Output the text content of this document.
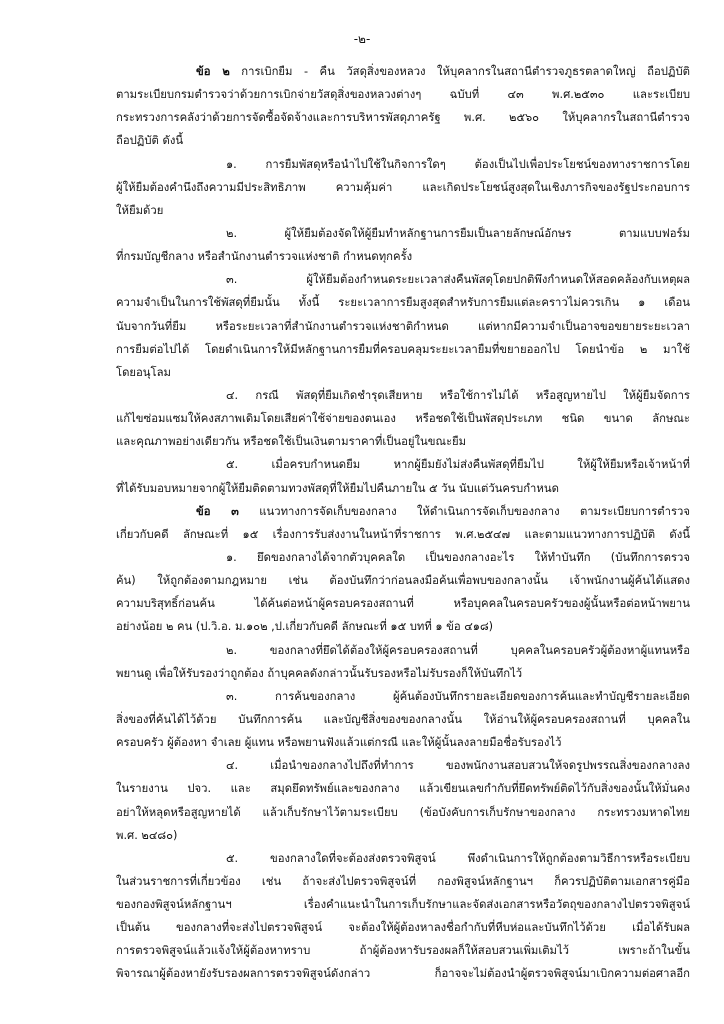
-๒-
ข้อ ๒ การเบิกยืม - คืน วัสดุสิ่งของหลวง ให้บุคลากรในสถานีตำรวจภูธรตลาดใหญ่ ถือปฏิบัติ
ตามระเบียบกรมตำรวจว่าด้วยการเบิกจ่ายวัสดุสิ่งของหลวงต่างๆ ฉบับที่ ๔๓ พ.ศ.๒๕๓๐ และระเบียบ
กระทรวงการคลังว่าด้วยการจัดซื้อจัดจ้างและการบริหารพัสดุภาครัฐ พ.ศ. ๒๕๖๐ ให้บุคลากรในสถานีตำรวจ
ถือปฏิบัติ ดังนี้
๑. การยืมพัสดุหรือนำไปใช้ในกิจการใดๆ ต้องเป็นไปเพื่อประโยชน์ของทางราชการโดย
ผู้ให้ยืมต้องคำนึงถึงความมีประสิทธิภาพ ความคุ้มค่า และเกิดประโยชน์สูงสุดในเชิงภารกิจของรัฐประกอบการ
ให้ยืมด้วย
๒. ผู้ให้ยืมต้องจัดให้ผู้ยืมทำหลักฐานการยืมเป็นลายลักษณ์อักษร ตามแบบฟอร์ม
ที่กรมบัญชีกลาง หรือสำนักงานตำรวจแห่งชาติ กำหนดทุกครั้ง
๓. ผู้ให้ยืมต้องกำหนดระยะเวลาส่งคืนพัสดุโดยปกติพึงกำหนดให้สอดคล้องกับเหตุผล
ความจำเป็นในการใช้พัสดุที่ยืมนั้น ทั้งนี้ ระยะเวลาการยืมสูงสุดสำหรับการยืมแต่ละคราวไม่ควรเกิน ๑ เดือน
นับจากวันที่ยืม หรือระยะเวลาที่สำนักงานตำรวจแห่งชาติกำหนด แต่หากมีความจำเป็นอาจขอขยายระยะเวลา
การยืมต่อไปได้ โดยดำเนินการให้มีหลักฐานการยืมที่ครอบคลุมระยะเวลายืมที่ขยายออกไป โดยนำข้อ ๒ มาใช้
โดยอนุโลม
๔. กรณี พัสดุที่ยืมเกิดชำรุดเสียหาย หรือใช้การไม่ได้ หรือสูญหายไป ให้ผู้ยืมจัดการ
แก้ไขซ่อมแซมให้คงสภาพเดิมโดยเสียค่าใช้จ่ายของตนเอง หรือชดใช้เป็นพัสดุประเภท ชนิด ขนาด ลักษณะ
และคุณภาพอย่างเดียวกัน หรือชดใช้เป็นเงินตามราคาที่เป็นอยู่ในขณะยืม
๕. เมื่อครบกำหนดยืม หากผู้ยืมยังไม่ส่งคืนพัสดุที่ยืมไป ให้ผู้ให้ยืมหรือเจ้าหน้าที่
ที่ได้รับมอบหมายจากผู้ให้ยืมติดตามทวงพัสดุที่ให้ยืมไปคืนภายใน ๕ วัน นับแต่วันครบกำหนด
ข้อ ๓ แนวทางการจัดเก็บของกลาง ให้ดำเนินการจัดเก็บของกลาง ตามระเบียบการตำรวจ
เกี่ยวกับคดี ลักษณะที่ ๑๕ เรื่องการรับส่งงานในหน้าที่ราชการ พ.ศ.๒๕๔๗ และตามแนวทางการปฏิบัติ ดังนี้
๑. ยึดของกลางได้จากตัวบุคคลใด เป็นของกลางอะไร ให้ทำบันทึก (บันทึกการตรวจ
ค้น) ให้ถูกต้องตามกฎหมาย เช่น ต้องบันทึกว่าก่อนลงมือค้นเพื่อพบของกลางนั้น เจ้าพนักงานผู้ค้นได้แสดง
ความบริสุทธิ์ก่อนค้น ได้ค้นต่อหน้าผู้ครอบครองสถานที่ หรือบุคคลในครอบครัวของผู้นั้นหรือต่อหน้าพยาน
อย่างน้อย ๒ คน (ป.วิ.อ. ม.๑๐๒ ,ป.เกี่ยวกับคดี ลักษณะที่ ๑๕ บทที่ ๑ ข้อ ๔๑๘)
๒. ของกลางที่ยึดได้ต้องให้ผู้ครอบครองสถานที่ บุคคลในครอบครัวผู้ต้องหาผู้แทนหรือ
พยานดู เพื่อให้รับรองว่าถูกต้อง ถ้าบุคคลดังกล่าวนั้นรับรองหรือไม่รับรองก็ให้บันทึกไว้
๓. การค้นของกลาง ผู้ค้นต้องบันทึกรายละเอียดของการค้นและทำบัญชีรายละเอียด
สิ่งของที่ค้นได้ไว้ด้วย บันทึกการค้น และบัญชีสิ่งของของกลางนั้น ให้อ่านให้ผู้ครอบครองสถานที่ บุคคลใน
ครอบครัว ผู้ต้องหา จำเลย ผู้แทน หรือพยานฟังแล้วแต่กรณี และให้ผู้นั้นลงลายมือชื่อรับรองไว้
๔. เมื่อนำของกลางไปถึงที่ทำการ ของพนักงานสอบสวนให้จดรูปพรรณสิ่งของกลางลง
ในรายงาน ปจว. และ สมุดยึดทรัพย์และของกลาง แล้วเขียนเลขกำกับที่ยึดทรัพย์ติดไว้กับสิ่งของนั้นให้มั่นคง
อย่าให้หลุดหรือสูญหายได้ แล้วเก็บรักษาไว้ตามระเบียบ (ข้อบังคับการเก็บรักษาของกลาง กระทรวงมหาดไทย
พ.ศ. ๒๔๘๐)
๕. ของกลางใดที่จะต้องส่งตรวจพิสูจน์ พึงดำเนินการให้ถูกต้องตามวิธีการหรือระเบียบ
ในส่วนราชการที่เกี่ยวข้อง เช่น ถ้าจะส่งไปตรวจพิสูจน์ที่ กองพิสูจน์หลักฐานฯ ก็ควรปฏิบัติตามเอกสารคู่มือ
ของกองพิสูจน์หลักฐานฯ เรื่องคำแนะนำในการเก็บรักษาและจัดส่งเอกสารหรือวัตถุของกลางไปตรวจพิสูจน์
เป็นต้น ของกลางที่จะส่งไปตรวจพิสูจน์ จะต้องให้ผู้ต้องหาลงชื่อกำกับที่หีบห่อและบันทึกไว้ด้วย เมื่อได้รับผล
การตรวจพิสูจน์แล้วแจ้งให้ผู้ต้องหาทราบ ถ้าผู้ต้องหารับรองผลก็ให้สอบสวนเพิ่มเติมไว้ เพราะถ้าในขั้น
พิจารณาผู้ต้องหายังรับรองผลการตรวจพิสูจน์ดังกล่าว ก็อาจจะไม่ต้องนำผู้ตรวจพิสูจน์มาเบิกความต่อศาลอีก
